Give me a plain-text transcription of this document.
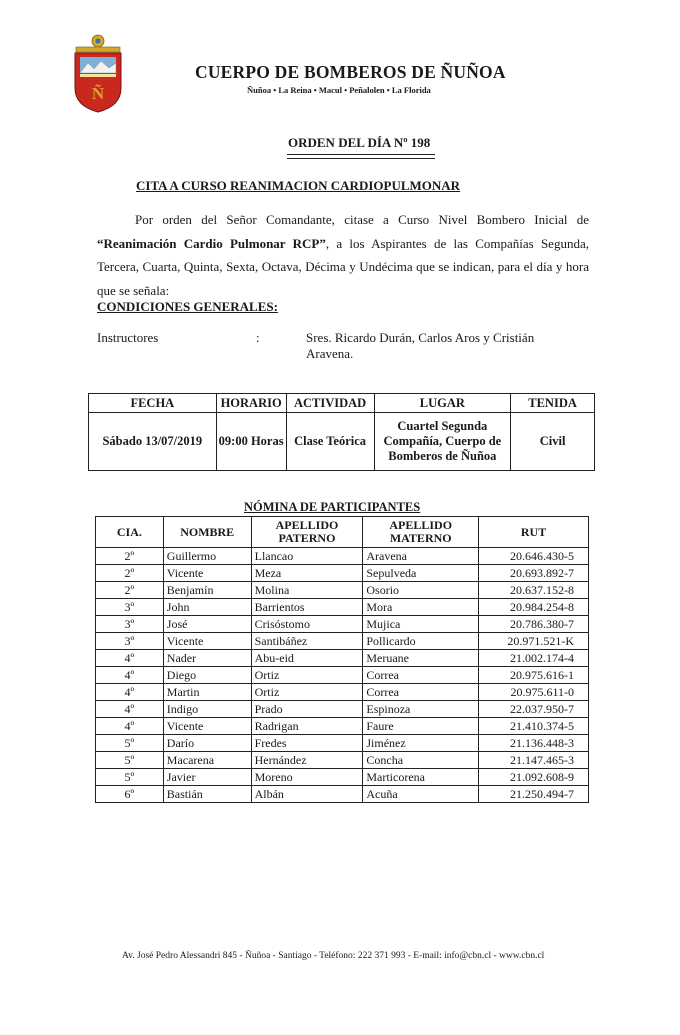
Ñ
CUERPO DE BOMBEROS DE ÑUÑOA
Ñuñoa • La Reina • Macul • Peñalolen • La Florida
ORDEN DEL DÍA Nº 198
CITA A CURSO REANIMACION CARDIOPULMONAR
Por orden del Señor Comandante, citase a Curso Nivel Bombero Inicial de “Reanimación Cardio Pulmonar RCP”, a los Aspirantes de las Compañías Segunda, Tercera, Cuarta, Quinta, Sexta, Octava, Décima y Undécima que se indican, para el día y hora que se señala:
CONDICIONES GENERALES:
Instructores	:	Sres. Ricardo Durán, Carlos Aros y Cristián Aravena.
FECHA	HORARIO	ACTIVIDAD	LUGAR	TENIDA
Sábado 13/07/2019	09:00 Horas	Clase Teórica	Cuartel Segunda Compañía, Cuerpo de Bomberos de Ñuñoa	Civil
NÓMINA DE PARTICIPANTES
CIA.	NOMBRE	APELLIDO PATERNO	APELLIDO MATERNO	RUT
2º	Guillermo	Llancao	Aravena	20.646.430-5
2º	Vicente	Meza	Sepulveda	20.693.892-7
2º	Benjamín	Molina	Osorio	20.637.152-8
3º	John	Barrientos	Mora	20.984.254-8
3º	José	Crisóstomo	Mujica	20.786.380-7
3º	Vicente	Santibáñez	Pollicardo	20.971.521-K
4º	Nader	Abu-eid	Meruane	21.002.174-4
4º	Diego	Ortiz	Correa	20.975.616-1
4º	Martin	Ortiz	Correa	20.975.611-0
4º	Indigo	Prado	Espinoza	22.037.950-7
4º	Vicente	Radrigan	Faure	21.410.374-5
5º	Darío	Fredes	Jiménez	21.136.448-3
5º	Macarena	Hernández	Concha	21.147.465-3
5º	Javier	Moreno	Marticorena	21.092.608-9
6º	Bastián	Albán	Acuña	21.250.494-7
Av. José Pedro Alessandri 845 - Ñuñoa - Santiago - Teléfono: 222 371 993 - E-mail: info@cbn.cl - www.cbn.cl
